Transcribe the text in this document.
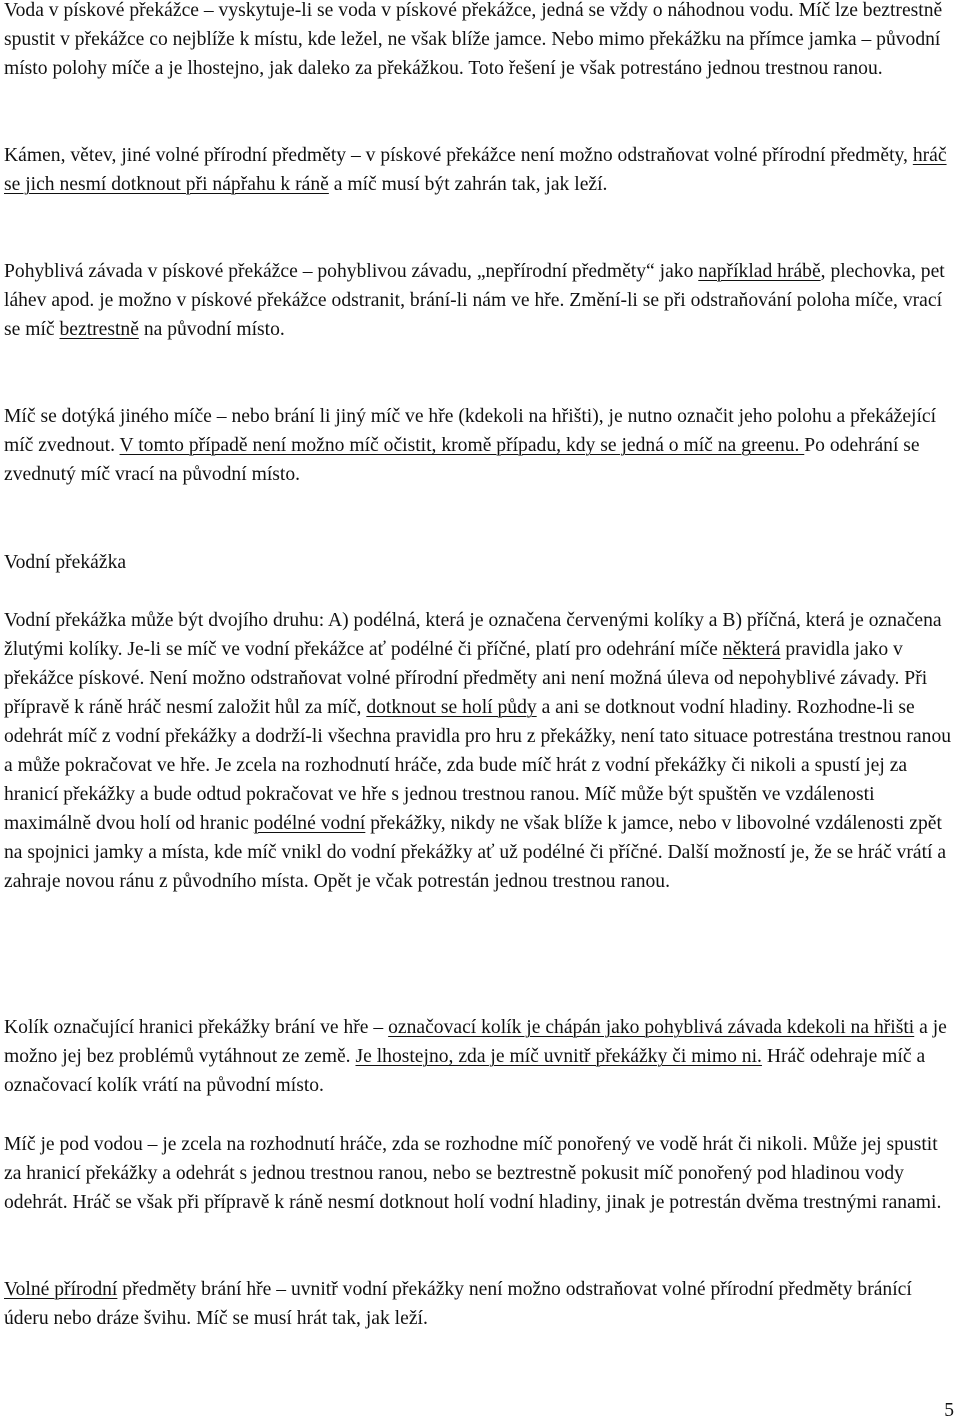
Voda v pískové překážce – vyskytuje-li se voda v pískové překážce, jedná se vždy o náhodnou vodu. Míč lze beztrestně spustit v překážce co nejblíže k místu, kde ležel, ne však blíže jamce. Nebo mimo překážku na přímce jamka – původní místo polohy míče a je lhostejno, jak daleko za překážkou. Toto řešení je však potrestáno jednou trestnou ranou.

Kámen, větev, jiné volné přírodní předměty – v pískové překážce není možno odstraňovat volné přírodní předměty, hráč se jich nesmí dotknout při nápřahu k ráně a míč musí být zahrán tak, jak leží.

Pohyblivá závada v pískové překážce – pohyblivou závadu, „nepřírodní předměty“ jako například hrábě, plechovka, pet láhev apod. je možno v pískové překážce odstranit, brání-li nám ve hře. Změní-li se při odstraňování poloha míče, vrací se míč beztrestně na původní místo.

Míč se dotýká jiného míče – nebo brání li jiný míč ve hře (kdekoli na hřišti), je nutno označit jeho polohu a překážející míč zvednout. V tomto případě není možno míč očistit, kromě případu, kdy se jedná o míč na greenu. Po odehrání se zvednutý míč vrací na původní místo.

Vodní překážka

Vodní překážka může být dvojího druhu: A) podélná, která je označena červenými kolíky a B) příčná, která je označena žlutými kolíky. Je-li se míč ve vodní překážce ať podélné či příčné, platí pro odehrání míče některá pravidla jako v překážce pískové. Není možno odstraňovat volné přírodní předměty ani není možná úleva od nepohyblivé závady. Při přípravě k ráně hráč nesmí založit hůl za míč, dotknout se holí půdy a ani se dotknout vodní hladiny. Rozhodne-li se odehrát míč z vodní překážky a dodrží-li všechna pravidla pro hru z překážky, není tato situace potrestána trestnou ranou a může pokračovat ve hře. Je zcela na rozhodnutí hráče, zda bude míč hrát z vodní překážky či nikoli a spustí jej za hranicí překážky a bude odtud pokračovat ve hře s jednou trestnou ranou. Míč může být spuštěn ve vzdálenosti maximálně dvou holí od hranic podélné vodní překážky, nikdy ne však blíže k jamce, nebo v libovolné vzdálenosti zpět na spojnici jamky a místa, kde míč vnikl do vodní překážky ať už podélné či příčné. Další možností je, že se hráč vrátí a zahraje novou ránu z původního místa. Opět je včak potrestán jednou trestnou ranou.

Kolík označující hranici překážky brání ve hře – označovací kolík je chápán jako pohyblivá závada kdekoli na hřišti a je možno jej bez problémů vytáhnout ze země. Je lhostejno, zda je míč uvnitř překážky či mimo ni. Hráč odehraje míč a označovací kolík vrátí na původní místo.

Míč je pod vodou – je zcela na rozhodnutí hráče, zda se rozhodne míč ponořený ve vodě hrát či nikoli. Může jej spustit za hranicí překážky a odehrát s jednou trestnou ranou, nebo se beztrestně pokusit míč ponořený pod hladinou vody odehrát. Hráč se však při přípravě k ráně nesmí dotknout holí vodní hladiny, jinak je potrestán dvěma trestnými ranami.

Volné přírodní předměty brání hře – uvnitř vodní překážky není možno odstraňovat volné přírodní předměty bránící úderu nebo dráze švihu. Míč se musí hrát tak, jak leží.

5
